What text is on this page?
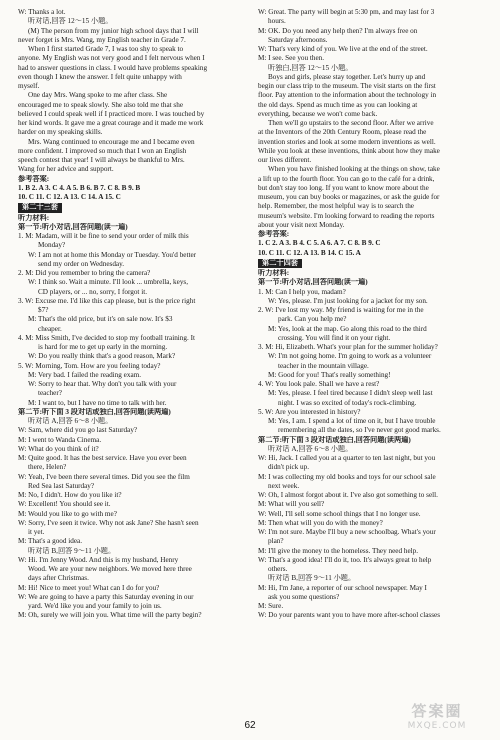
W: Thanks a lot.
听对话,回答 12～15 小题。
(M) The person from my junior high school days that I will
never forget is Mrs. Wang, my English teacher in Grade 7.
When I first started Grade 7, I was too shy to speak to
anyone. My English was not very good and I felt nervous when I
had to answer questions in class. I would have problems speaking
even though I knew the answer. I felt quite unhappy with
myself.
One day Mrs. Wang spoke to me after class. She
encouraged me to speak slowly. She also told me that she
believed I could speak well if I practiced more. I was touched by
her kind words. It gave me a great courage and it made me work
harder on my speaking skills.
Mrs. Wang continued to encourage me and I became even
more confident. I improved so much that I won an English
speech contest that year! I will always be thankful to Mrs.
Wang for her advice and support.
参考答案:
1. B 2. A 3. C 4. A 5. B 6. B 7. C 8. B 9. B
10. C 11. C 12. A 13. C 14. A 15. C
第二十三套
听力材料:
第一节:听小对话,回答问题(读一遍)
1. M: Madam, will it be fine to send your order of milk this
Monday?
W: I am not at home this Monday or Tuesday. You'd better
send my order on Wednesday.
2. M: Did you remember to bring the camera?
W: I think so. Wait a minute. I'll look ... umbrella, keys,
CD players, or ... no, sorry, I forgot it.
3. W: Excuse me. I'd like this cap please, but is the price right
$7?
M: That's the old price, but it's on sale now. It's $3
cheaper.
4. M: Miss Smith, I've decided to stop my football training. It
is hard for me to get up early in the morning.
W: Do you really think that's a good reason, Mark?
5. W: Morning, Tom. How are you feeling today?
M: Very bad. I failed the reading exam.
W: Sorry to hear that. Why don't you talk with your
teacher?
M: I want to, but I have no time to talk with her.
第二节:听下面 3 段对话或独白,回答问题(读两遍)
听对话 A,回答 6～8 小题。
W: Sam, where did you go last Saturday?
M: I went to Wanda Cinema.
W: What do you think of it?
M: Quite good. It has the best service. Have you ever been
there, Helen?
W: Yeah, I've been there several times. Did you see the film
Red Sea last Saturday?
M: No, I didn't. How do you like it?
W: Excellent! You should see it.
M: Would you like to go with me?
W: Sorry, I've seen it twice. Why not ask Jane? She hasn't seen
it yet.
M: That's a good idea.
听对话 B,回答 9～11 小题。
W: Hi. I'm Jenny Wood. And this is my husband, Henry
Wood. We are your new neighbors. We moved here three
days after Christmas.
M: Hi! Nice to meet you! What can I do for you?
W: We are going to have a party this Saturday evening in our
yard. We'd like you and your family to join us.
M: Oh, surely we will join you. What time will the party begin?
W: Great. The party will begin at 5:30 pm, and may last for 3
hours.
M: OK. Do you need any help then? I'm always free on
Saturday afternoons.
W: That's very kind of you. We live at the end of the street.
M: I see. See you then.
听独白,回答 12～15 小题。
Boys and girls, please stay together. Let's hurry up and
begin our class trip to the museum. The visit starts on the first
floor. Pay attention to the information about the technology in
the old days. Spend as much time as you can looking at
everything, because we won't come back.
Then we'll go upstairs to the second floor. After we arrive
at the Inventors of the 20th Century Room, please read the
invention stories and look at some modern inventions as well.
While you look at these inventions, think about how they make
our lives different.
When you have finished looking at the things on show, take
a lift up to the fourth floor. You can go to the café for a drink,
but don't stay too long. If you want to know more about the
museum, you can buy books or magazines, or ask the guide for
help. Remember, the most helpful way is to search the
museum's website. I'm looking forward to reading the reports
about your visit next Monday.
参考答案:
1. C 2. A 3. B 4. C 5. A 6. A 7. C 8. B 9. C
10. C 11. C 12. A 13. B 14. C 15. A
第二十四套
听力材料:
第一节:听小对话,回答问题(读一遍)
1. M: Can I help you, madam?
W: Yes, please. I'm just looking for a jacket for my son.
2. W: I've lost my way. My friend is waiting for me in the
park. Can you help me?
M: Yes, look at the map. Go along this road to the third
crossing. You will find it on your right.
3. M: Hi, Elizabeth. What's your plan for the summer holiday?
W: I'm not going home. I'm going to work as a volunteer
teacher in the mountain village.
M: Good for you! That's really something!
4. W: You look pale. Shall we have a rest?
M: Yes, please. I feel tired because I didn't sleep well last
night. I was so excited of today's rock-climbing.
5. W: Are you interested in history?
M: Yes, I am. I spend a lot of time on it, but I have trouble
remembering all the dates, so I've never got good marks.
第二节:听下面 3 段对话或独白,回答问题(读两遍)
听对话 A,回答 6～8 小题。
W: Hi, Jack. I called you at a quarter to ten last night, but you
didn't pick up.
M: I was collecting my old books and toys for our school sale
next week.
W: Oh, I almost forgot about it. I've also got something to sell.
M: What will you sell?
W: Well, I'll sell some school things that I no longer use.
M: Then what will you do with the money?
W: I'm not sure. Maybe I'll buy a new schoolbag. What's your
plan?
M: I'll give the money to the homeless. They need help.
W: That's a good idea! I'll do it, too. It's always great to help
others.
听对话 B,回答 9～11 小题。
M: Hi, I'm Jane, a reporter of our school newspaper. May I
ask you some questions?
M: Sure.
W: Do your parents want you to have more after-school classes
62
答案圈
MXQE.COM
